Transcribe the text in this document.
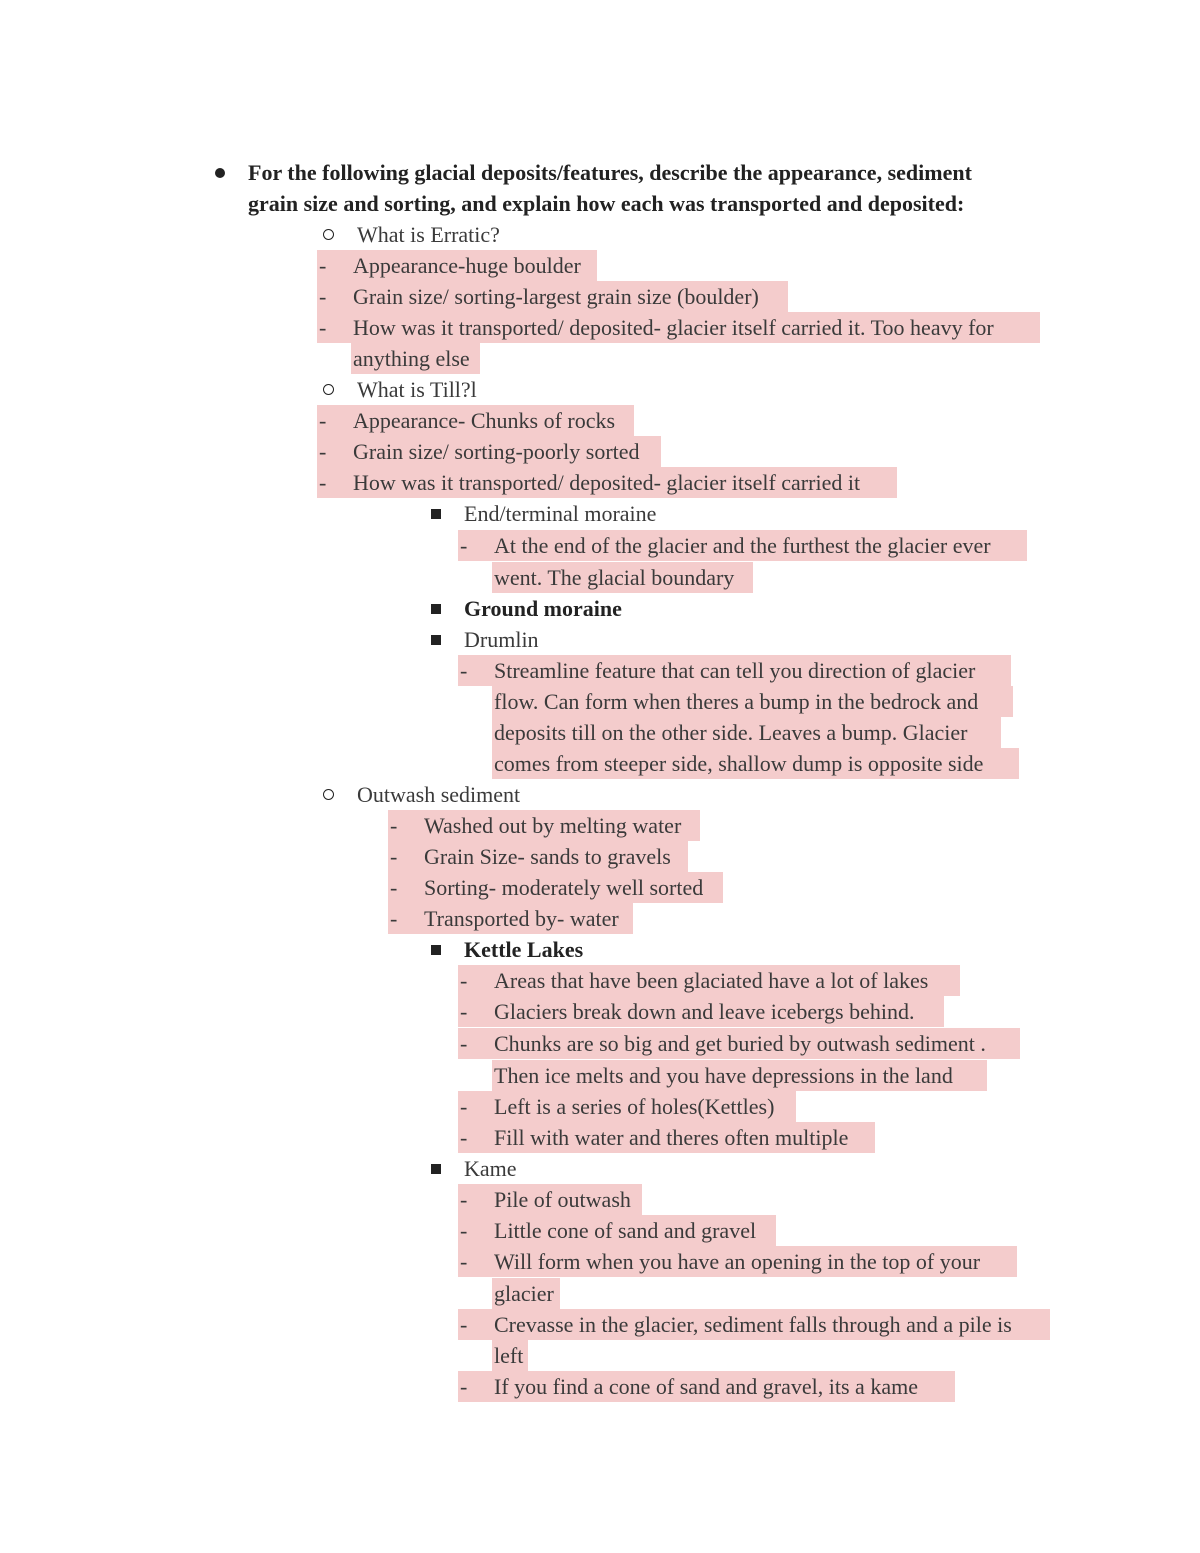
For the following glacial deposits/features, describe the appearance, sediment
grain size and sorting, and explain how each was transported and deposited:
What is Erratic?
- Appearance-huge boulder
- Grain size/ sorting-largest grain size (boulder)
- How was it transported/ deposited- glacier itself carried it. Too heavy for
anything else
What is Till?l
- Appearance- Chunks of rocks
- Grain size/ sorting-poorly sorted
- How was it transported/ deposited- glacier itself carried it
End/terminal moraine
- At the end of the glacier and the furthest the glacier ever
went. The glacial boundary
Ground moraine
Drumlin
- Streamline feature that can tell you direction of glacier
flow. Can form when theres a bump in the bedrock and
deposits till on the other side. Leaves a bump. Glacier
comes from steeper side, shallow dump is opposite side
Outwash sediment
- Washed out by melting water
- Grain Size- sands to gravels
- Sorting- moderately well sorted
- Transported by- water
Kettle Lakes
- Areas that have been glaciated have a lot of lakes
- Glaciers break down and leave icebergs behind.
- Chunks are so big and get buried by outwash sediment .
Then ice melts and you have depressions in the land
- Left is a series of holes(Kettles)
- Fill with water and theres often multiple
Kame
- Pile of outwash
- Little cone of sand and gravel
- Will form when you have an opening in the top of your
glacier
- Crevasse in the glacier, sediment falls through and a pile is
left
- If you find a cone of sand and gravel, its a kame
